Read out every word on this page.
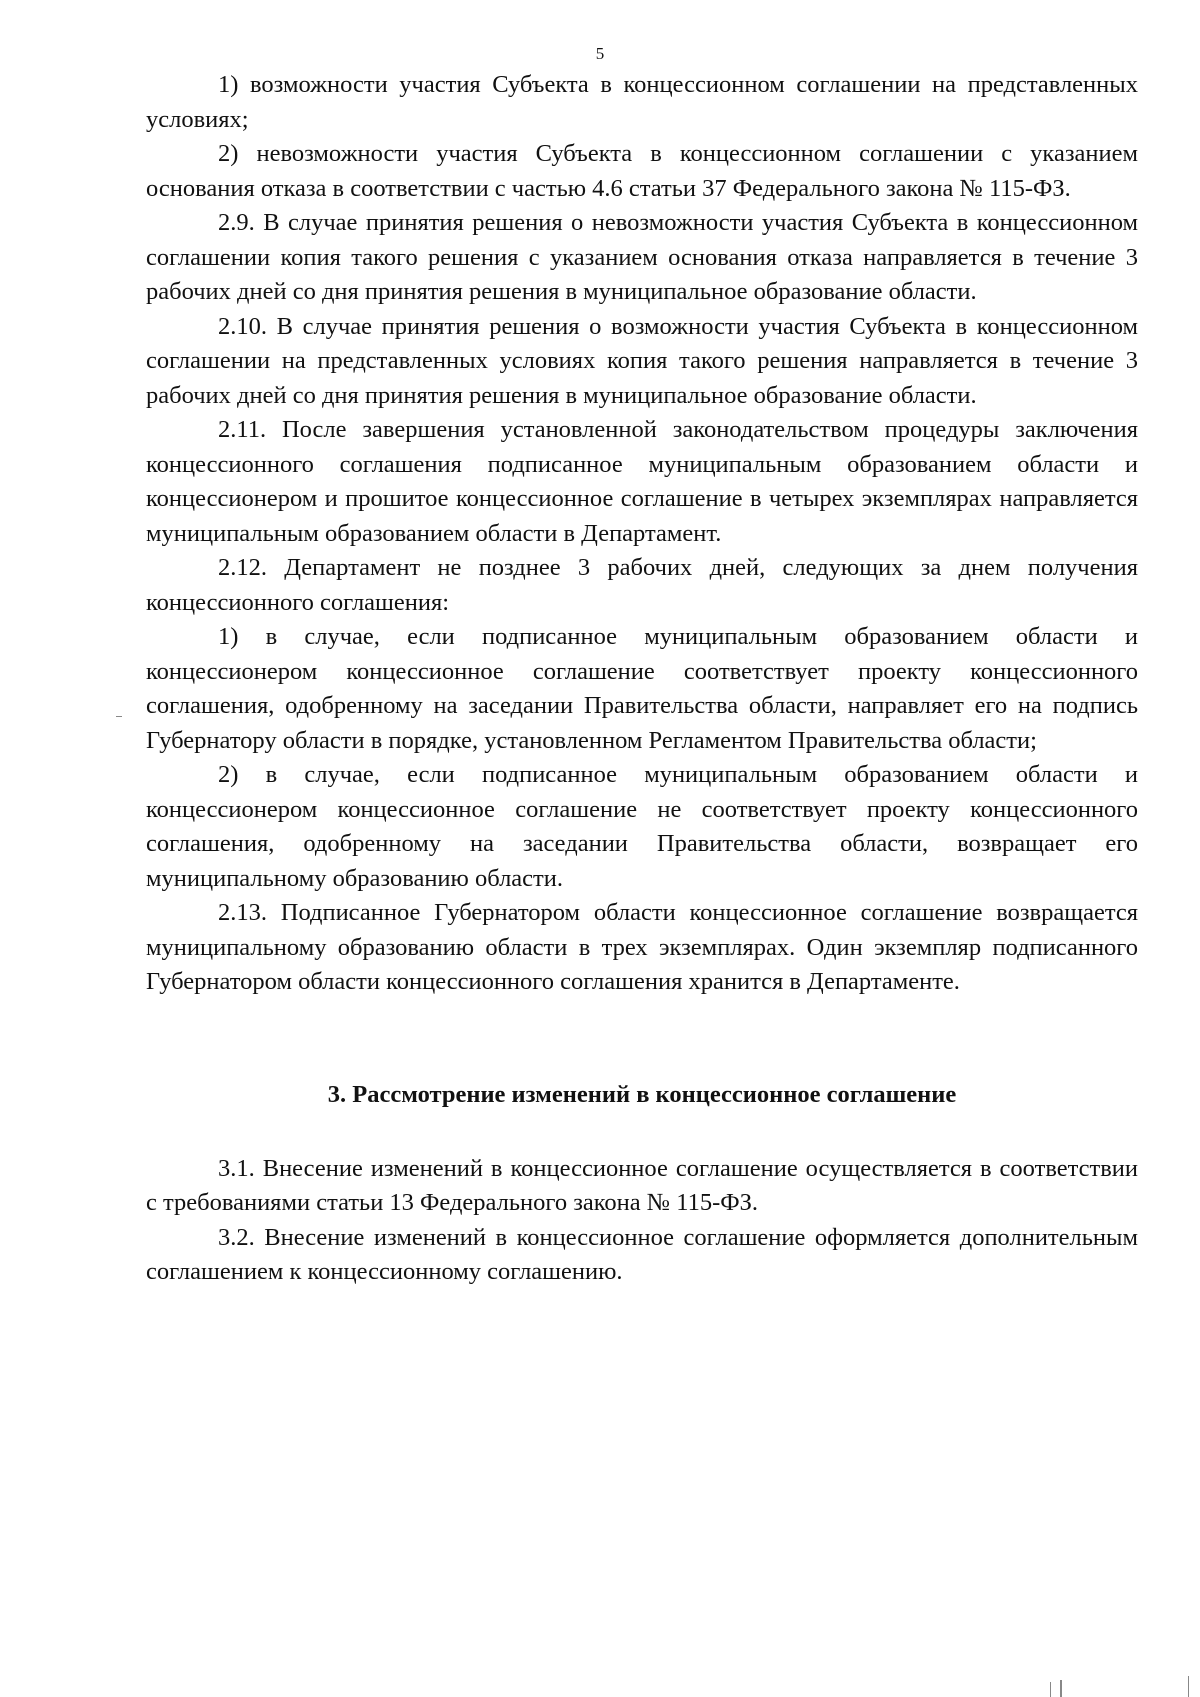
5

1) возможности участия Субъекта в концессионном соглашении на представленных условиях;

2) невозможности участия Субъекта в концессионном соглашении с указанием основания отказа в соответствии с частью 4.6 статьи 37 Федерального закона № 115-ФЗ.

2.9. В случае принятия решения о невозможности участия Субъекта в концессионном соглашении копия такого решения с указанием основания отказа направляется в течение 3 рабочих дней со дня принятия решения в муниципальное образование области.

2.10. В случае принятия решения о возможности участия Субъекта в концессионном соглашении на представленных условиях копия такого решения направляется в течение 3 рабочих дней со дня принятия решения в муниципальное образование области.

2.11. После завершения установленной законодательством процедуры заключения концессионного соглашения подписанное муниципальным образованием области и концессионером и прошитое концессионное соглашение в четырех экземплярах направляется муниципальным образованием области в Департамент.

2.12. Департамент не позднее 3 рабочих дней, следующих за днем получения концессионного соглашения:

1) в случае, если подписанное муниципальным образованием области и концессионером концессионное соглашение соответствует проекту концессионного соглашения, одобренному на заседании Правительства области, направляет его на подпись Губернатору области в порядке, установленном Регламентом Правительства области;

2) в случае, если подписанное муниципальным образованием области и концессионером концессионное соглашение не соответствует проекту концессионного соглашения, одобренному на заседании Правительства области, возвращает его муниципальному образованию области.

2.13. Подписанное Губернатором области концессионное соглашение возвращается муниципальному образованию области в трех экземплярах. Один экземпляр подписанного Губернатором области концессионного соглашения хранится в Департаменте.

3. Рассмотрение изменений в концессионное соглашение

3.1. Внесение изменений в концессионное соглашение осуществляется в соответствии с требованиями статьи 13 Федерального закона № 115-ФЗ.

3.2. Внесение изменений в концессионное соглашение оформляется дополнительным соглашением к концессионному соглашению.
